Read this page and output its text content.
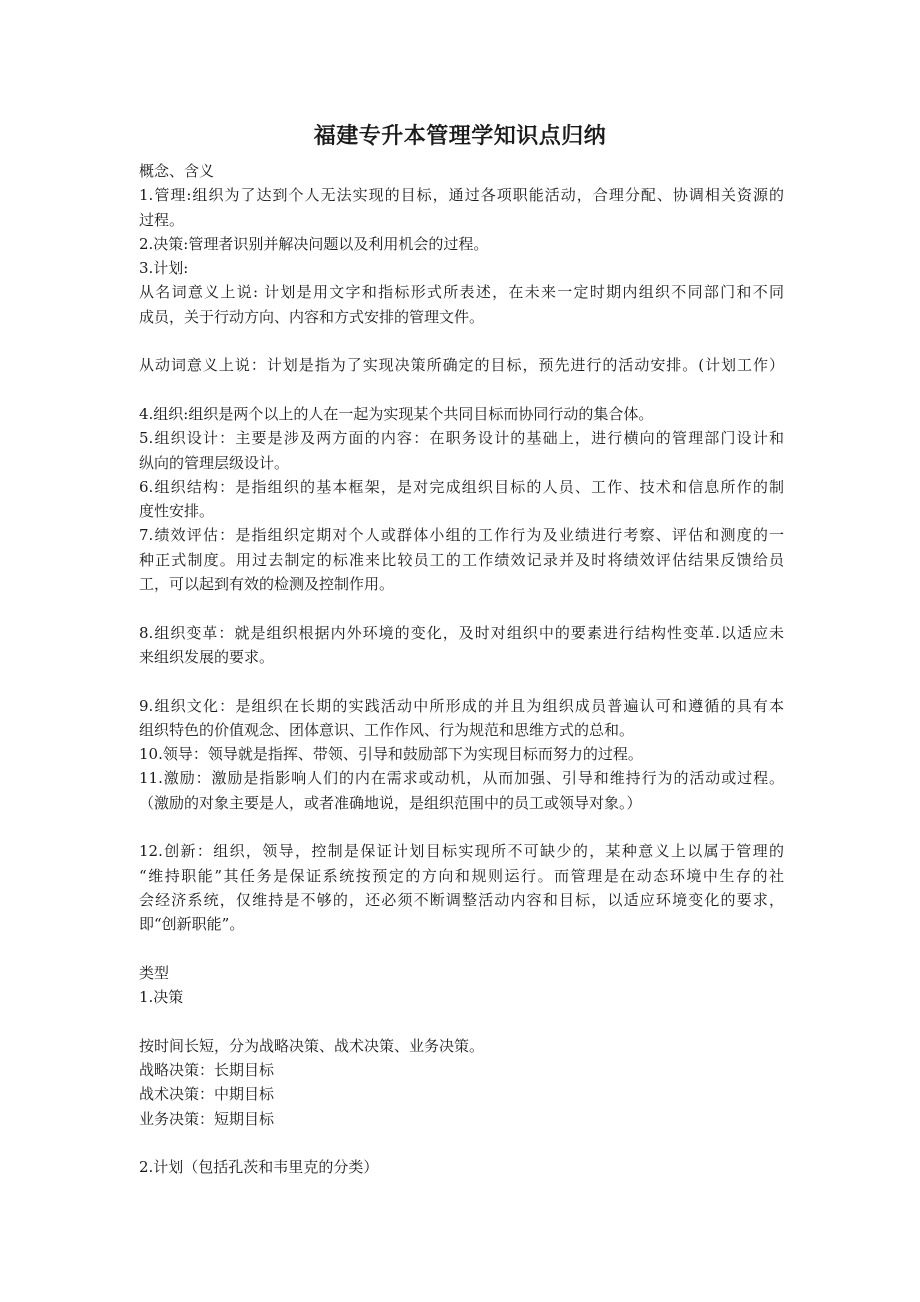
福建专升本管理学知识点归纳
概念、含义
1.管理:组织为了达到个人无法实现的目标，通过各项职能活动，合理分配、协调相关资源的
过程。
2.决策:管理者识别并解决问题以及利用机会的过程。
3.计划:
从名词意义上说: 计划是用文字和指标形式所表述，在未来一定时期内组织不同部门和不同
成员，关于行动方向、内容和方式安排的管理文件。
从动词意义上说：计划是指为了实现决策所确定的目标，预先进行的活动安排。(计划工作）
4.组织:组织是两个以上的人在一起为实现某个共同目标而协同行动的集合体。
5.组织设计：主要是涉及两方面的内容：在职务设计的基础上，进行横向的管理部门设计和
纵向的管理层级设计。
6.组织结构：是指组织的基本框架，是对完成组织目标的人员、工作、技术和信息所作的制
度性安排。
7.绩效评估：是指组织定期对个人或群体小组的工作行为及业绩进行考察、评估和测度的一
种正式制度。用过去制定的标准来比较员工的工作绩效记录并及时将绩效评估结果反馈给员
工，可以起到有效的检测及控制作用。
8.组织变革：就是组织根据内外环境的变化，及时对组织中的要素进行结构性变革.以适应未
来组织发展的要求。
9.组织文化：是组织在长期的实践活动中所形成的并且为组织成员普遍认可和遵循的具有本
组织特色的价值观念、团体意识、工作作风、行为规范和思维方式的总和。
10.领导：领导就是指挥、带领、引导和鼓励部下为实现目标而努力的过程。
11.激励：激励是指影响人们的内在需求或动机，从而加强、引导和维持行为的活动或过程。
（激励的对象主要是人，或者准确地说，是组织范围中的员工或领导对象。）
12.创新：组织，领导，控制是保证计划目标实现所不可缺少的，某种意义上以属于管理的
“维持职能”其任务是保证系统按预定的方向和规则运行。而管理是在动态环境中生存的社
会经济系统，仅维持是不够的，还必须不断调整活动内容和目标，以适应环境变化的要求，
即“创新职能”。
类型
1.决策
按时间长短，分为战略决策、战术决策、业务决策。
战略决策：长期目标
战术决策：中期目标
业务决策：短期目标
2.计划（包括孔茨和韦里克的分类）
